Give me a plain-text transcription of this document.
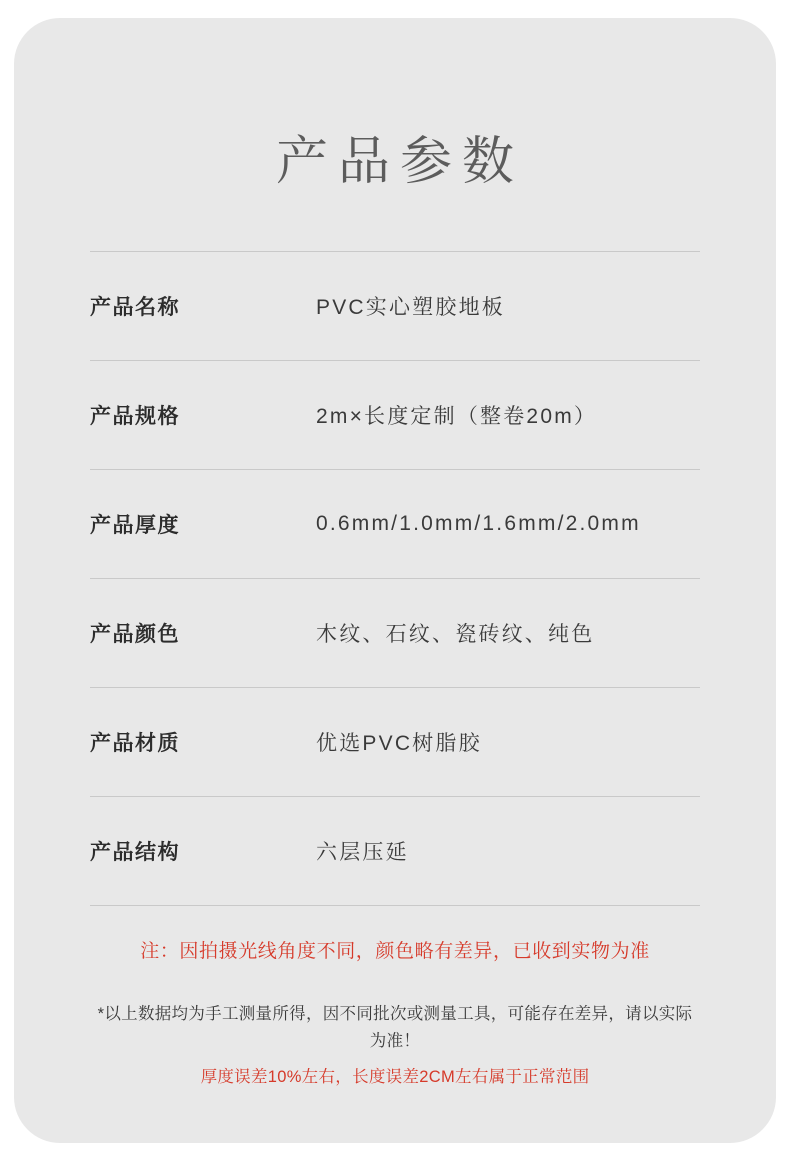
产品参数
产品名称	PVC实心塑胶地板
产品规格	2m×长度定制（整卷20m）
产品厚度	0.6mm/1.0mm/1.6mm/2.0mm
产品颜色	木纹、石纹、瓷砖纹、纯色
产品材质	优选PVC树脂胶
产品结构	六层压延
注：因拍摄光线角度不同，颜色略有差异，已收到实物为准
*以上数据均为手工测量所得，因不同批次或测量工具，可能存在差异，请以实际为准！
厚度误差10%左右，长度误差2CM左右属于正常范围
